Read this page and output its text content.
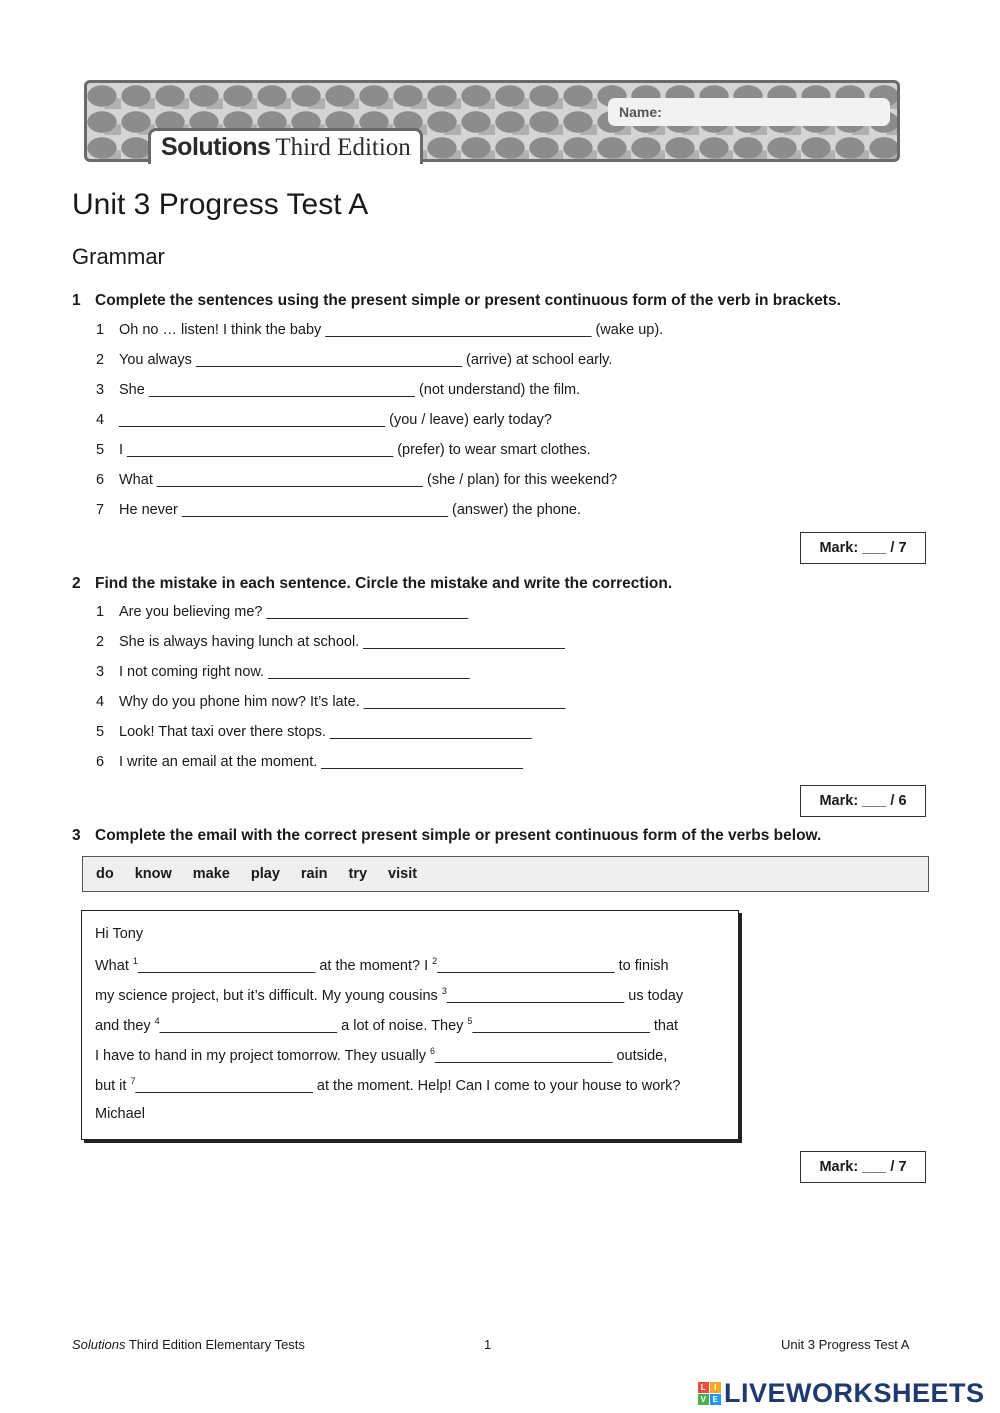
Solutions Third Edition
Name:
Unit 3 Progress Test A
Grammar
1 Complete the sentences using the present simple or present continuous form of the verb in brackets.
1 Oh no … listen! I think the baby _________________________________ (wake up).
2 You always _________________________________ (arrive) at school early.
3 She _________________________________ (not understand) the film.
4 _________________________________ (you / leave) early today?
5 I _________________________________ (prefer) to wear smart clothes.
6 What _________________________________ (she / plan) for this weekend?
7 He never _________________________________ (answer) the phone.
Mark: ___ / 7
2 Find the mistake in each sentence. Circle the mistake and write the correction.
1 Are you believing me? _________________________
2 She is always having lunch at school. _________________________
3 I not coming right now. _________________________
4 Why do you phone him now? It’s late. _________________________
5 Look! That taxi over there stops. _________________________
6 I write an email at the moment. _________________________
Mark: ___ / 6
3 Complete the email with the correct present simple or present continuous form of the verbs below.
do know make play rain try visit
Hi Tony
What $^1$______________________ at the moment? I $^2$______________________ to finish
my science project, but it’s difficult. My young cousins $^3$______________________ us today
and they $^4$______________________ a lot of noise. They $^5$______________________ that
I have to hand in my project tomorrow. They usually $^6$______________________ outside,
but it $^7$______________________ at the moment. Help! Can I come to your house to work?
Michael
Mark: ___ / 7
Solutions Third Edition Elementary Tests	1	Unit 3 Progress Test A
L I
V E LIVEWORKSHEETS
